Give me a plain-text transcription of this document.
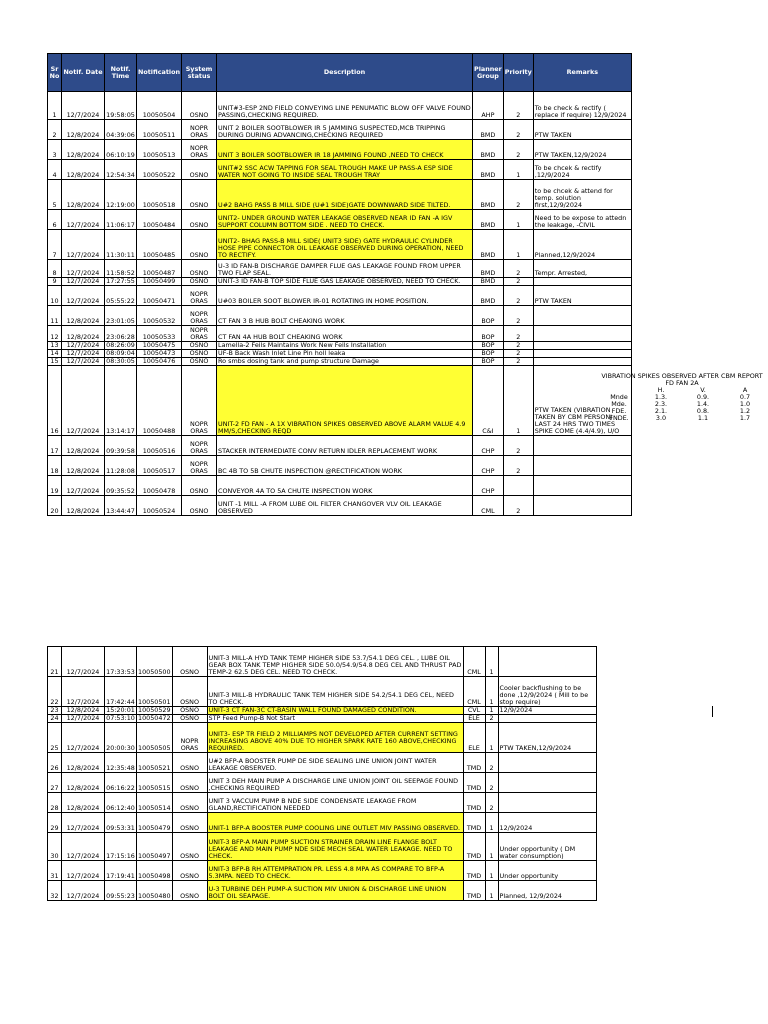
Sr No	Notif. Date	Notif. Time	Notification	System status	Description	Planner Group	Priority	Remarks
1	12/7/2024	19:58:05	10050504	OSNO	UNIT#3-ESP 2ND FIELD CONVEYING LINE PENUMATIC BLOW OFF VALVE FOUND PASSING,CHECKING REQUIRED.	AHP	2	To be check & rectify ( replace if require) 12/9/2024
2	12/8/2024	04:39:06	10050511	NOPR ORAS	UNIT 2 BOILER SOOTBLOWER IR 5 JAMMING SUSPECTED,MCB TRIPPING DURING DURING ADVANCING,CHECKING REQUIRED	BMD	2	PTW TAKEN
3	12/8/2024	06:10:19	10050513	NOPR ORAS	UNIT 3 BOILER SOOTBLOWER IR 18 JAMMING FOUND ,NEED TO CHECK	BMD	2	PTW TAKEN,12/9/2024
4	12/8/2024	12:54:34	10050522	OSNO	UNIT#2 SSC ACW TAPPING FOR SEAL TROUGH MAKE UP PASS-A ESP SIDE WATER NOT GOING TO INSIDE SEAL TROUGH TRAY	BMD	1	To be chcek & rectify ,12/9/2024
5	12/8/2024	12:19:00	10050518	OSNO	U#2 BAHG PASS B MILL SIDE (U#1 SIDE)GATE DOWNWARD SIDE TILTED.	BMD	2	to be chcek & attend for temp. solution first,12/9/2024
6	12/7/2024	11:06:17	10050484	OSNO	UNIT2- UNDER GROUND WATER LEAKAGE OBSERVED NEAR ID FAN -A IGV SUPPORT COLUMN BOTTOM SIDE . NEED TO CHECK.	BMD	1	Need to be expose to attedn the leakage, -CIVIL
7	12/7/2024	11:30:11	10050485	OSNO	UNIT2- BHAG PASS-B MILL SIDE( UNIT3 SIDE) GATE HYDRAULIC CYLINDER HOSE PIPE CONNECTOR OIL LEAKAGE OBSERVED DURING OPERATION, NEED TO RECTIFY.	BMD	1	Planned,12/9/2024
8	12/7/2024	11:58:52	10050487	OSNO	U-3 ID FAN-B DISCHARGE DAMPER FLUE GAS LEAKAGE FOUND FROM UPPER TWO FLAP SEAL.	BMD	2	Tempr. Arrested,
9	12/7/2024	17:27:55	10050499	OSNO	UNIT-3 ID FAN-B TOP SIDE FLUE GAS LEAKAGE OBSERVED, NEED TO CHECK.	BMD	2	
10	12/7/2024	05:55:22	10050471	NOPR ORAS	U#03 BOILER SOOT BLOWER IR-01 ROTATING IN HOME POSITION.	BMD	2	PTW TAKEN
11	12/8/2024	23:01:05	10050532	NOPR ORAS	CT FAN 3 B HUB BOLT CHEAKING WORK	BOP	2	
12	12/8/2024	23:06:28	10050533	NOPR ORAS	CT FAN 4A HUB BOLT CHEAKING WORK	BOP	2	
13	12/7/2024	08:26:09	10050475	OSNO	Lamella-2 Feils Maintains Work New Feils Installation	BOP	2	
14	12/7/2024	08:09:04	10050473	OSNO	UF-B Back Wash Inlet Line Pin holl leaka	BOP	2	
15	12/7/2024	08:30:05	10050476	OSNO	Ro smbs dosing tank and pump structure Damage	BOP	2	
16	12/7/2024	13:14:17	10050488	NOPR ORAS	UNIT-2 FD FAN - A 1X VIBRATION SPIKES OBSERVED ABOVE ALARM VALUE 4.9 MM/S,CHECKING REQD	C&I	1	PTW TAKEN (VIBRATION TAKEN BY CBM PERSON) LAST 24 HRS TWO TIMES SPIKE COME (4.4/4.9), U/O
17	12/8/2024	09:39:58	10050516	NOPR ORAS	STACKER INTERMEDIATE CONV RETURN IDLER REPLACEMENT WORK	CHP	2	
18	12/8/2024	11:28:08	10050517	NOPR ORAS	BC 4B TO 5B CHUTE INSPECTION @RECTIFICATION WORK	CHP	2	
19	12/7/2024	09:35:52	10050478	OSNO	CONVEYOR 4A TO 5A CHUTE INSPECTION WORK	CHP		
20	12/8/2024	13:44:47	10050524	OSNO	UNIT -1 MILL -A FROM LUBE OIL FILTER CHANGOVER VLV OIL LEAKAGE OBSERVED	CML	2	
VIBRATION SPIKES OBSERVED AFTER CBM REPORT FD FAN 2A
	H.	V.	A
Mnde	1.3.	0.9.	0.7
Mde.	2.3.	1.4.	1.0
FDE.	2.1.	0.8.	1.2
FNDE.	3.0	1.1	1.7
21	12/7/2024	17:33:53	10050500	OSNO	UNIT-3 MILL-A HYD TANK TEMP HIGHER SIDE 53.7/54.1 DEG CEL. , LUBE OIL GEAR BOX TANK TEMP HIGHER SIDE 50.0/54.9/54.8 DEG CEL AND THRUST PAD TEMP-2 62.5 DEG CEL. NEED TO CHECK.	CML	1	
22	12/7/2024	17:42:44	10050501	OSNO	UNIT-3 MILL-B HYDRAULIC TANK TEM HIGHER SIDE 54.2/54.1 DEG CEL, NEED TO CHECK.	CML	1	Cooler backflushing to be done ,12/9/2024 ( Mill to be stop require)
23	12/8/2024	15:20:01	10050529	OSNO	UNIT-3 CT FAN-3C CT-BASIN WALL FOUND DAMAGED CONDITION.	CVL	1	12/9/2024
24	12/7/2024	07:53:10	10050472	OSNO	STP Feed Pump-B Not Start	ELE	2	
25	12/7/2024	20:00:30	10050505	NOPR ORAS	UNIT3- ESP TR FIELD 2 MILLIAMPS NOT DEVELOPED AFTER CURRENT SETTING INCREASING ABOVE 40% DUE TO HIGHER SPARK RATE 160 ABOVE,CHECKING REQUIRED.	ELE	1	PTW TAKEN,12/9/2024
26	12/8/2024	12:35:48	10050521	OSNO	U#2 BFP-A BOOSTER PUMP DE SIDE SEALING LINE UNION JOINT WATER LEAKAGE OBSERVED.	TMD	2	
27	12/8/2024	06:16:22	10050515	OSNO	UNIT 3 DEH MAIN PUMP A DISCHARGE LINE UNION JOINT OIL SEEPAGE FOUND ,CHECKING REQUIRED	TMD	2	
28	12/8/2024	06:12:40	10050514	OSNO	UNIT 3 VACCUM PUMP B NDE SIDE CONDENSATE LEAKAGE FROM GLAND,RECTIFICATION NEEDED	TMD	2	
29	12/7/2024	09:53:31	10050479	OSNO	UNIT-1 BFP-A BOOSTER PUMP COOLING LINE OUTLET MIV PASSING OBSERVED.	TMD	1	12/9/2024
30	12/7/2024	17:15:16	10050497	OSNO	UNIT-3 BFP-A MAIN PUMP SUCTION STRAINER DRAIN LINE FLANGE BOLT LEAKAGE AND MAIN PUMP NDE SIDE MECH SEAL WATER LEAKAGE. NEED TO CHECK.	TMD	1	Under opportunity ( DM water consumption)
31	12/7/2024	17:19:41	10050498	OSNO	UNIT-3 BFP-B RH ATTEMPRATION PR. LESS 4.8 MPA AS COMPARE TO BFP-A 5.3MPA. NEED TO CHECK.	TMD	1	Under opportunity
32	12/7/2024	09:55:23	10050480	OSNO	U-3 TURBINE DEH PUMP-A SUCTION MIV UNION & DISCHARGE LINE UNION BOLT OIL SEAPAGE.	TMD	1	Planned, 12/9/2024
